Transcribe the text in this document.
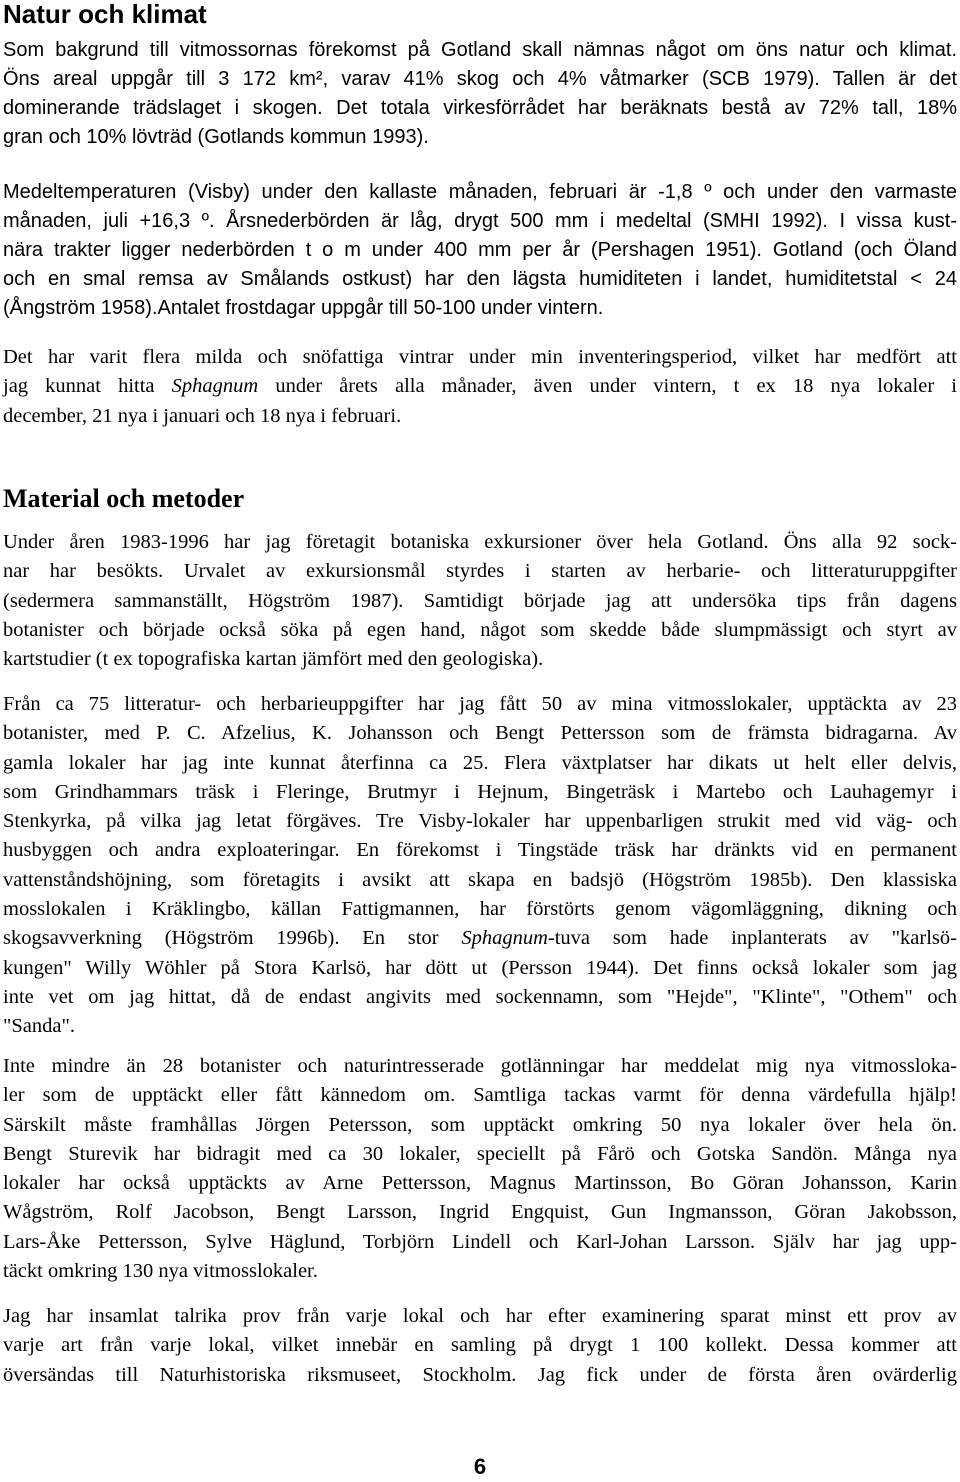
Natur och klimat
Som bakgrund till vitmossornas förekomst på Gotland skall nämnas något om öns natur och klimat.
Öns areal uppgår till 3 172 km², varav 41% skog och 4% våtmarker (SCB 1979). Tallen är det
dominerande trädslaget i skogen. Det totala virkesförrådet har beräknats bestå av 72% tall, 18%
gran och 10% lövträd (Gotlands kommun 1993).
Medeltemperaturen (Visby) under den kallaste månaden, februari är -1,8 º och under den varmaste
månaden, juli +16,3 º. Årsnederbörden är låg, drygt 500 mm i medeltal (SMHI 1992). I vissa kust-
nära trakter ligger nederbörden t o m under 400 mm per år (Pershagen 1951). Gotland (och Öland
och en smal remsa av Smålands ostkust) har den lägsta humiditeten i landet, humiditetstal < 24
(Ångström 1958).Antalet frostdagar uppgår till 50-100 under vintern.
Det har varit flera milda och snöfattiga vintrar under min inventeringsperiod, vilket har medfört att
jag kunnat hitta Sphagnum under årets alla månader, även under vintern, t ex 18 nya lokaler i
december, 21 nya i januari och 18 nya i februari.
Material och metoder
Under åren 1983-1996 har jag företagit botaniska exkursioner över hela Gotland. Öns alla 92 sock-
nar har besökts. Urvalet av exkursionsmål styrdes i starten av herbarie- och litteraturuppgifter
(sedermera sammanställt, Högström 1987). Samtidigt började jag att undersöka tips från dagens
botanister och började också söka på egen hand, något som skedde både slumpmässigt och styrt av
kartstudier (t ex topografiska kartan jämfört med den geologiska).
Från ca 75 litteratur- och herbarieuppgifter har jag fått 50 av mina vitmosslokaler, upptäckta av 23
botanister, med P. C. Afzelius, K. Johansson och Bengt Pettersson som de främsta bidragarna. Av
gamla lokaler har jag inte kunnat återfinna ca 25. Flera växtplatser har dikats ut helt eller delvis,
som Grindhammars träsk i Fleringe, Brutmyr i Hejnum, Bingeträsk i Martebo och Lauhagemyr i
Stenkyrka, på vilka jag letat förgäves. Tre Visby-lokaler har uppenbarligen strukit med vid väg- och
husbyggen och andra exploateringar. En förekomst i Tingstäde träsk har dränkts vid en permanent
vattenståndshöjning, som företagits i avsikt att skapa en badsjö (Högström 1985b). Den klassiska
mosslokalen i Kräklingbo, källan Fattigmannen, har förstörts genom vägomläggning, dikning och
skogsavverkning (Högström 1996b). En stor Sphagnum-tuva som hade inplanterats av "karlsö-
kungen" Willy Wöhler på Stora Karlsö, har dött ut (Persson 1944). Det finns också lokaler som jag
inte vet om jag hittat, då de endast angivits med sockennamn, som "Hejde", "Klinte", "Othem" och
"Sanda".
Inte mindre än 28 botanister och naturintresserade gotlänningar har meddelat mig nya vitmossloka-
ler som de upptäckt eller fått kännedom om. Samtliga tackas varmt för denna värdefulla hjälp!
Särskilt måste framhållas Jörgen Petersson, som upptäckt omkring 50 nya lokaler över hela ön.
Bengt Sturevik har bidragit med ca 30 lokaler, speciellt på Fårö och Gotska Sandön. Många nya
lokaler har också upptäckts av Arne Pettersson, Magnus Martinsson, Bo Göran Johansson, Karin
Wågström, Rolf Jacobson, Bengt Larsson, Ingrid Engquist, Gun Ingmansson, Göran Jakobsson,
Lars-Åke Pettersson, Sylve Häglund, Torbjörn Lindell och Karl-Johan Larsson. Själv har jag upp-
täckt omkring 130 nya vitmosslokaler.
Jag har insamlat talrika prov från varje lokal och har efter examinering sparat minst ett prov av
varje art från varje lokal, vilket innebär en samling på drygt 1 100 kollekt. Dessa kommer att
översändas till Naturhistoriska riksmuseet, Stockholm. Jag fick under de första åren ovärderlig
6
